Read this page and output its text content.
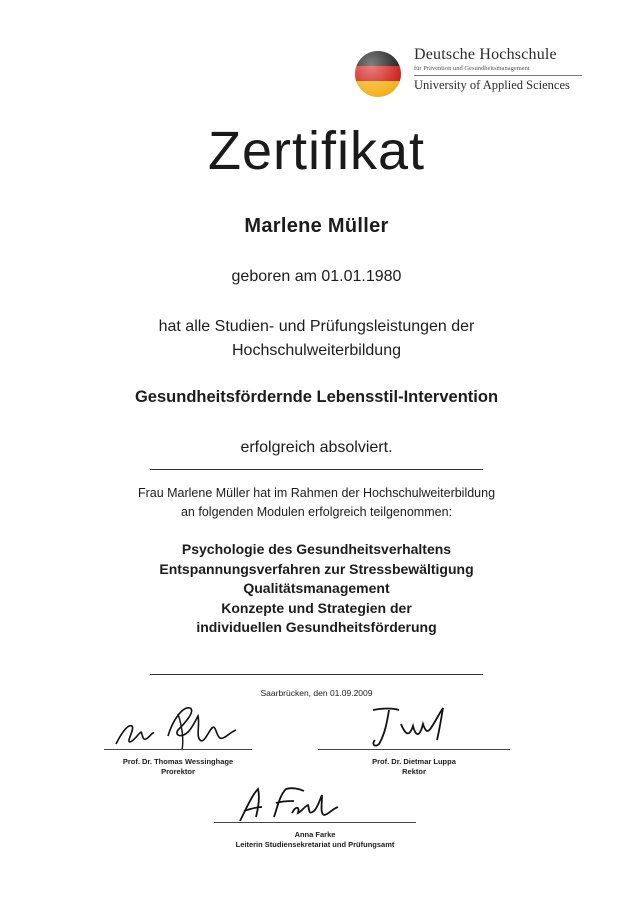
Deutsche Hochschule
für Prävention und Gesundheitsmanagement
University of Applied Sciences
Zertifikat
Marlene Müller
geboren am 01.01.1980
hat alle Studien- und Prüfungsleistungen der
Hochschulweiterbildung
Gesundheitsfördernde Lebensstil-Intervention
erfolgreich absolviert.
Frau Marlene Müller hat im Rahmen der Hochschulweiterbildung
an folgenden Modulen erfolgreich teilgenommen:
Psychologie des Gesundheitsverhaltens
Entspannungsverfahren zur Stressbewältigung
Qualitätsmanagement
Konzepte und Strategien der
individuellen Gesundheitsförderung
Saarbrücken, den 01.09.2009
Prof. Dr. Thomas Wessinghage
Prorektor
Prof. Dr. Dietmar Luppa
Rektor
Anna Farke
Leiterin Studiensekretariat und Prüfungsamt
